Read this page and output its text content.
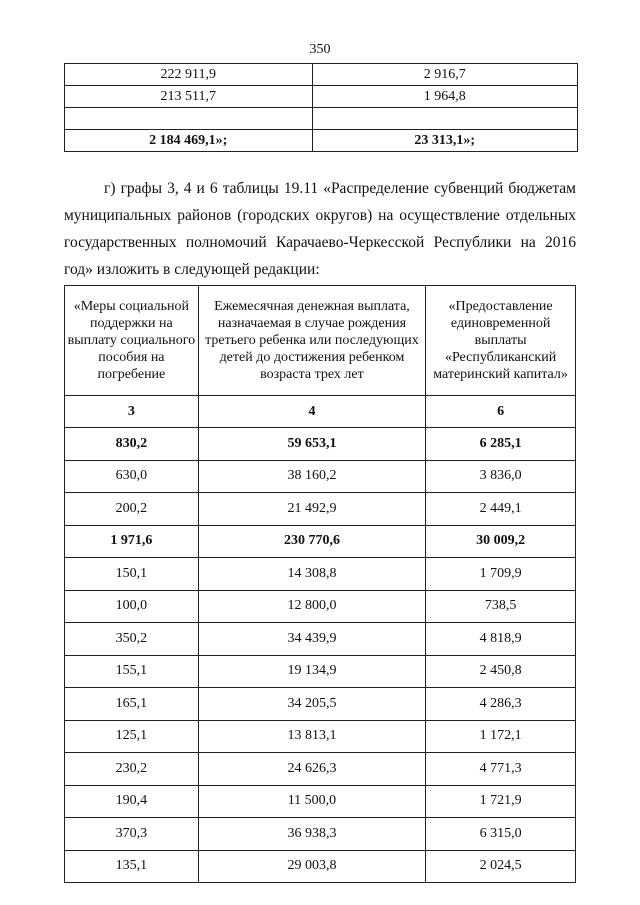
350
222 911,9	2 916,7
213 511,7	1 964,8

2 184 469,1»;	23 313,1»;
г) графы 3, 4 и 6 таблицы 19.11 «Распределение субвенций бюджетам муниципальных районов (городских округов) на осуществление отдельных государственных полномочий Карачаево-Черкесской Республики на 2016 год» изложить в следующей редакции:
«Меры социальной поддержки на выплату социального пособия на погребение	Ежемесячная денежная выплата, назначаемая в случае рождения третьего ребенка или последующих детей до достижения ребенком возраста трех лет	«Предоставление единовременной выплаты «Республиканский материнский капитал»
3	4	6
830,2	59 653,1	6 285,1
630,0	38 160,2	3 836,0
200,2	21 492,9	2 449,1
1 971,6	230 770,6	30 009,2
150,1	14 308,8	1 709,9
100,0	12 800,0	738,5
350,2	34 439,9	4 818,9
155,1	19 134,9	2 450,8
165,1	34 205,5	4 286,3
125,1	13 813,1	1 172,1
230,2	24 626,3	4 771,3
190,4	11 500,0	1 721,9
370,3	36 938,3	6 315,0
135,1	29 003,8	2 024,5
